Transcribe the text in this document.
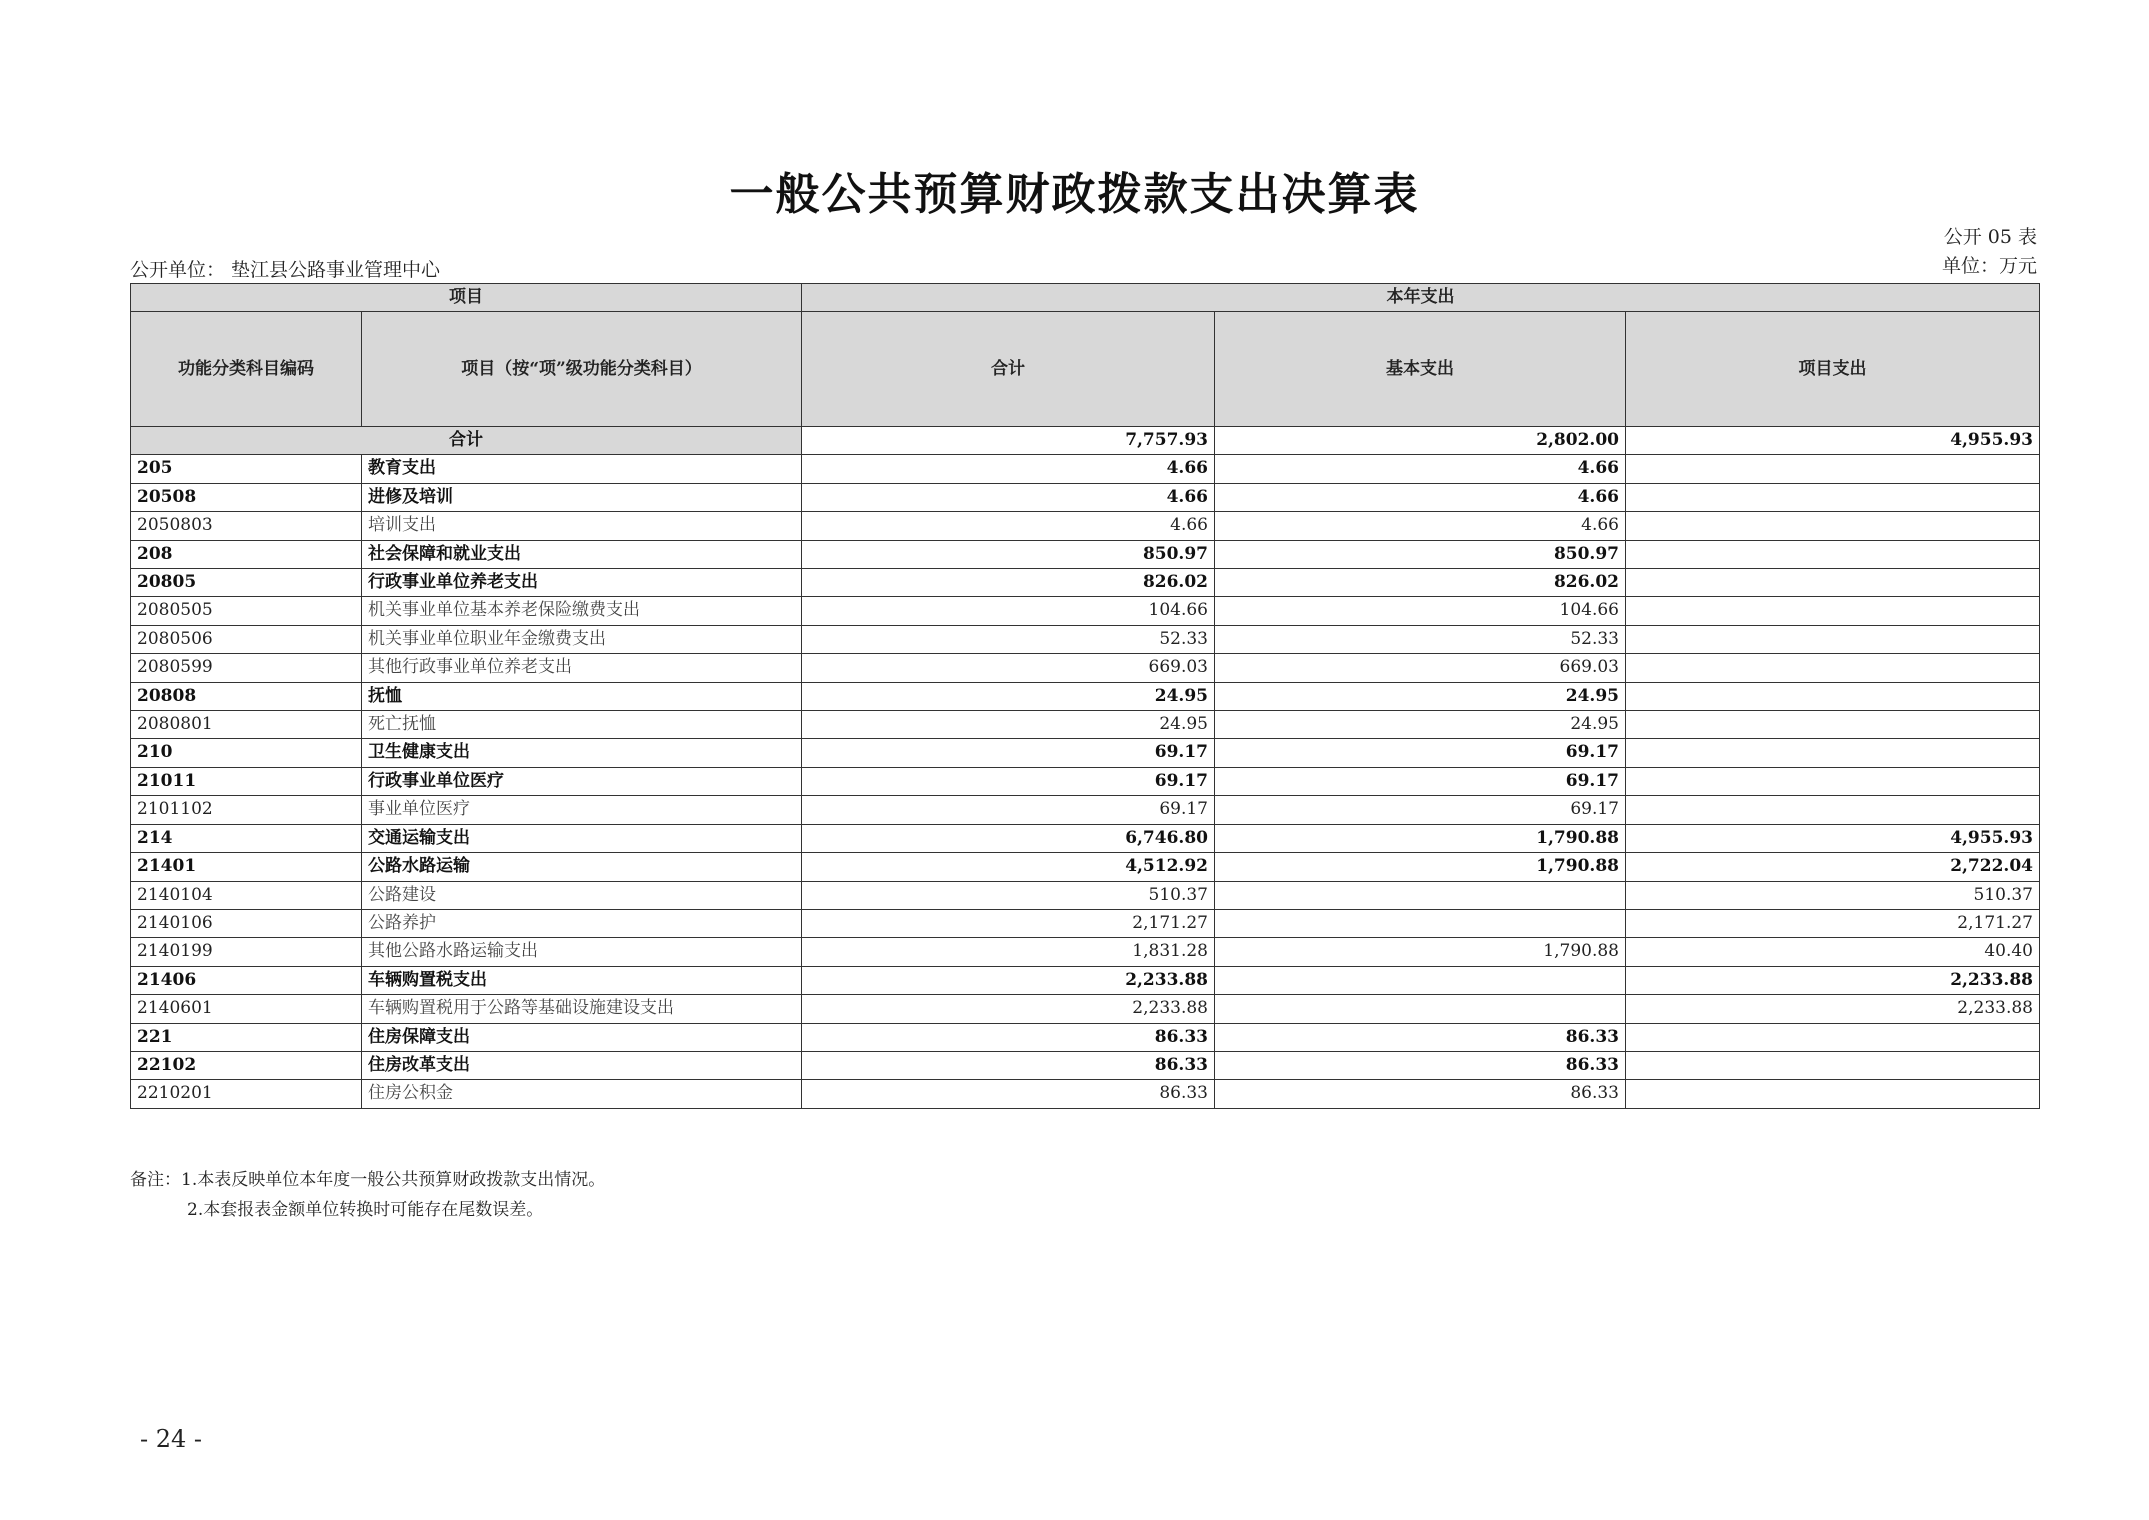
一般公共预算财政拨款支出决算表
公开 05 表
公开单位： 垫江县公路事业管理中心	单位：万元
项目		本年支出		
功能分类科目编码	项目（按“项”级功能分类科目）	合计	基本支出	项目支出
合计		7,757.93	2,802.00	4,955.93
205	教育支出	4.66	4.66	
20508	进修及培训	4.66	4.66	
2050803	培训支出	4.66	4.66	
208	社会保障和就业支出	850.97	850.97	
20805	行政事业单位养老支出	826.02	826.02	
2080505	机关事业单位基本养老保险缴费支出	104.66	104.66	
2080506	机关事业单位职业年金缴费支出	52.33	52.33	
2080599	其他行政事业单位养老支出	669.03	669.03	
20808	抚恤	24.95	24.95	
2080801	死亡抚恤	24.95	24.95	
210	卫生健康支出	69.17	69.17	
21011	行政事业单位医疗	69.17	69.17	
2101102	事业单位医疗	69.17	69.17	
214	交通运输支出	6,746.80	1,790.88	4,955.93
21401	公路水路运输	4,512.92	1,790.88	2,722.04
2140104	公路建设	510.37		510.37
2140106	公路养护	2,171.27		2,171.27
2140199	其他公路水路运输支出	1,831.28	1,790.88	40.40
21406	车辆购置税支出	2,233.88		2,233.88
2140601	车辆购置税用于公路等基础设施建设支出	2,233.88		2,233.88
221	住房保障支出	86.33	86.33	
22102	住房改革支出	86.33	86.33	
2210201	住房公积金	86.33	86.33	
备注：1.本表反映单位本年度一般公共预算财政拨款支出情况。
2.本套报表金额单位转换时可能存在尾数误差。
- 24 -
